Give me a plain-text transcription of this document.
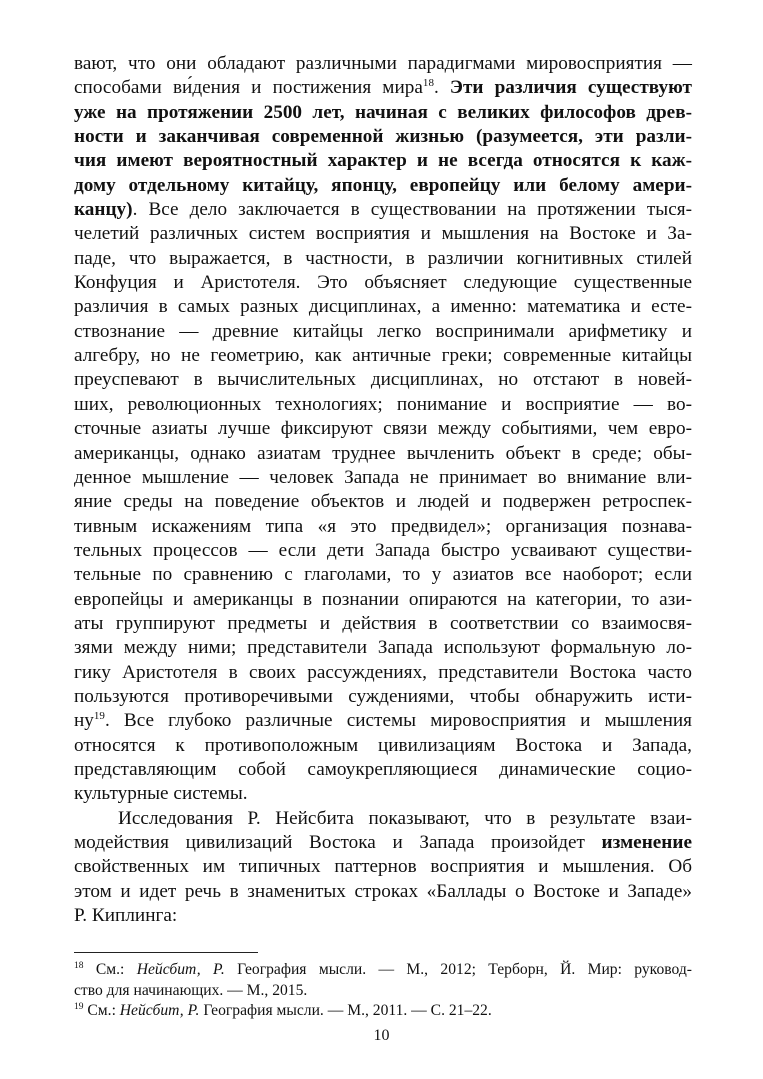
вают, что они обладают различными парадигмами мировосприятия —
способами ви́дения и постижения мира$^{18}$. Эти различия существуют
уже на протяжении 2500 лет, начиная с великих философов древ-
ности и заканчивая современной жизнью (разумеется, эти разли-
чия имеют вероятностный характер и не всегда относятся к каж-
дому отдельному китайцу, японцу, европейцу или белому амери-
канцу). Все дело заключается в существовании на протяжении тыся-
челетий различных систем восприятия и мышления на Востоке и За-
паде, что выражается, в частности, в различии когнитивных стилей
Конфуция и Аристотеля. Это объясняет следующие существенные
различия в самых разных дисциплинах, а именно: математика и есте-
ствознание — древние китайцы легко воспринимали арифметику и
алгебру, но не геометрию, как античные греки; современные китайцы
преуспевают в вычислительных дисциплинах, но отстают в новей-
ших, революционных технологиях; понимание и восприятие — во-
сточные азиаты лучше фиксируют связи между событиями, чем евро-
американцы, однако азиатам труднее вычленить объект в среде; обы-
денное мышление — человек Запада не принимает во внимание вли-
яние среды на поведение объектов и людей и подвержен ретроспек-
тивным искажениям типа «я это предвидел»; организация познава-
тельных процессов — если дети Запада быстро усваивают существи-
тельные по сравнению с глаголами, то у азиатов все наоборот; если
европейцы и американцы в познании опираются на категории, то ази-
аты группируют предметы и действия в соответствии со взаимосвя-
зями между ними; представители Запада используют формальную ло-
гику Аристотеля в своих рассуждениях, представители Востока часто
пользуются противоречивыми суждениями, чтобы обнаружить исти-
$ну^{19}$. Все глубоко различные системы мировосприятия и мышления
относятся к противоположным цивилизациям Востока и Запада,
представляющим собой самоукрепляющиеся динамические социо-
культурные системы.

Исследования Р. Нейсбита показывают, что в результате взаи-
модействия цивилизаций Востока и Запада произойдет изменение
свойственных им типичных паттернов восприятия и мышления. Об
этом и идет речь в знаменитых строках «Баллады о Востоке и Западе»
Р. Киплинга:

$^{18}$ См.: Нейсбит, Р. География мысли. — М., 2012; Терборн, Й. Мир: руковод-
ство для начинающих. — М., 2015.

$^{19}$ См.: Нейсбит, Р. География мысли. — М., 2011. — С. 21–22.

10
